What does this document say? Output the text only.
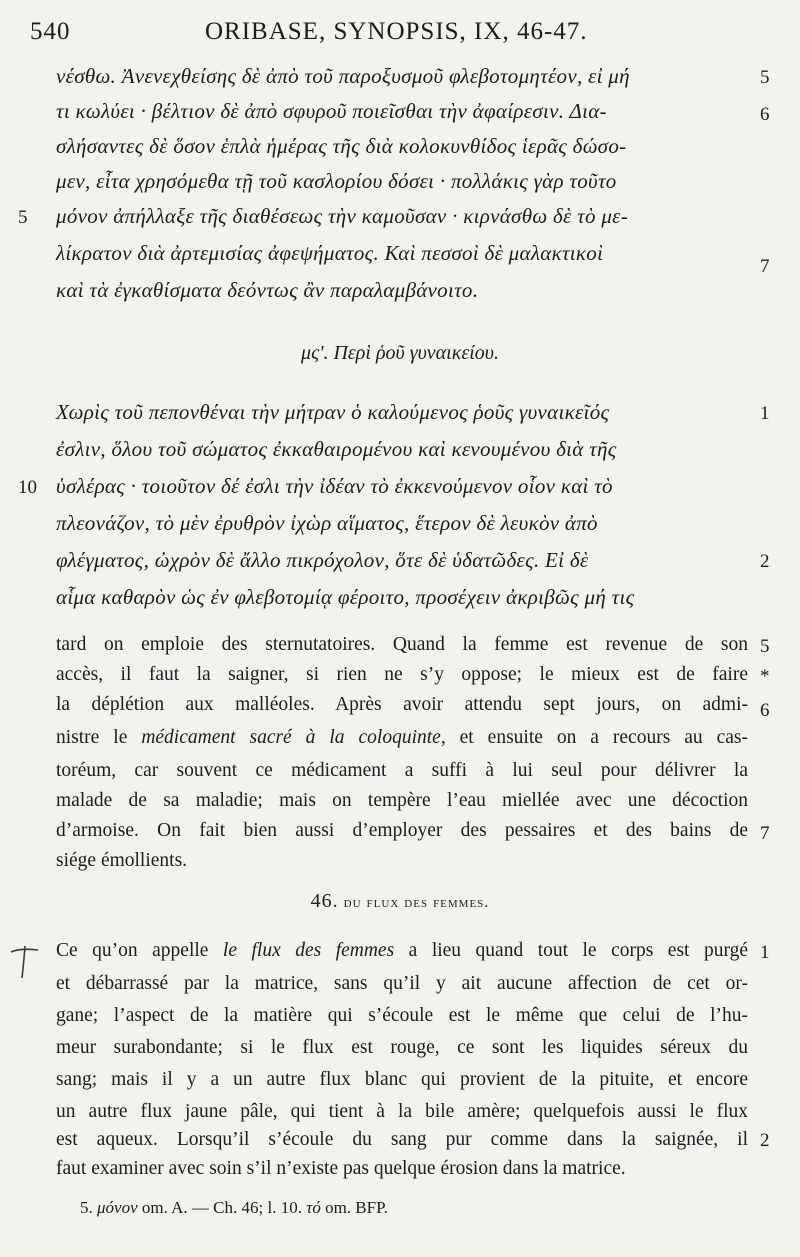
540	ORIBASE, SYNOPSIS, IX, 46-47.
νέσθω. Ἀνενεχθείσης δὲ ἀπὸ τοῦ παροξυσμοῦ φλεβοτομητέον, εἰ μή
τι κωλύει · βέλτιον δὲ ἀπὸ σφυροῦ ποιεῖσθαι τὴν ἀφαίρεσιν. Δια-
σλήσαντες δὲ ὅσον ἑπλὰ ἡμέρας τῆς διὰ κολοκυνθίδος ἱερᾶς δώσο-
μεν, εἶτα χρησόμεθα τῇ τοῦ κασλορίου δόσει · πολλάκις γὰρ τοῦτο
μόνον ἀπήλλαξε τῆς διαθέσεως τὴν καμοῦσαν · κιρνάσθω δὲ τὸ με-
λίκρατον διὰ ἀρτεμισίας ἀφεψήματος. Καὶ πεσσοὶ δὲ μαλακτικοὶ
καὶ τὰ ἐγκαθίσματα δεόντως ἂν παραλαμβάνοιτο.
μς'. Περὶ ῥοῦ γυναικείου.
Χωρὶς τοῦ πεπονθέναι τὴν μήτραν ὁ καλούμενος ῥοῦς γυναικεῖός
ἐσλιν, ὅλου τοῦ σώματος ἐκκαθαιρομένου καὶ κενουμένου διὰ τῆς
ὑσλέρας · τοιοῦτον δέ ἐσλι τὴν ἰδέαν τὸ ἐκκενούμενον οἷον καὶ τὸ
πλεονάζον, τὸ μὲν ἐρυθρὸν ἰχὼρ αἵματος, ἕτερον δὲ λευκὸν ἀπὸ
φλέγματος, ὠχρὸν δὲ ἄλλο πικρόχολον, ὅτε δὲ ὑδατῶδες. Εἰ δὲ
αἷμα καθαρὸν ὡς ἐν φλεβοτομίᾳ φέροιτο, προσέχειν ἀκριβῶς μή τις
tard on emploie des sternutatoires. Quand la femme est revenue de son
accès, il faut la saigner, si rien ne s’y oppose; le mieux est de faire
la déplétion aux malléoles. Après avoir attendu sept jours, on admi-
nistre le médicament sacré à la coloquinte, et ensuite on a recours au cas-
toréum, car souvent ce médicament a suffi à lui seul pour délivrer la
malade de sa maladie; mais on tempère l’eau miellée avec une décoction
d’armoise. On fait bien aussi d’employer des pessaires et des bains de
siége émollients.
46. du flux des femmes.
Ce qu’on appelle le flux des femmes a lieu quand tout le corps est purgé
et débarrassé par la matrice, sans qu’il y ait aucune affection de cet or-
gane; l’aspect de la matière qui s’écoule est le même que celui de l’hu-
meur surabondante; si le flux est rouge, ce sont les liquides séreux du
sang; mais il y a un autre flux blanc qui provient de la pituite, et encore
un autre flux jaune pâle, qui tient à la bile amère; quelquefois aussi le flux
est aqueux. Lorsqu’il s’écoule du sang pur comme dans la saignée, il
faut examiner avec soin s’il n’existe pas quelque érosion dans la matrice.
5
10
5
6
7
1
2
5
*
6
7
1
2
5. μόνον om. A. — Ch. 46; l. 10. τό om. BFP.
